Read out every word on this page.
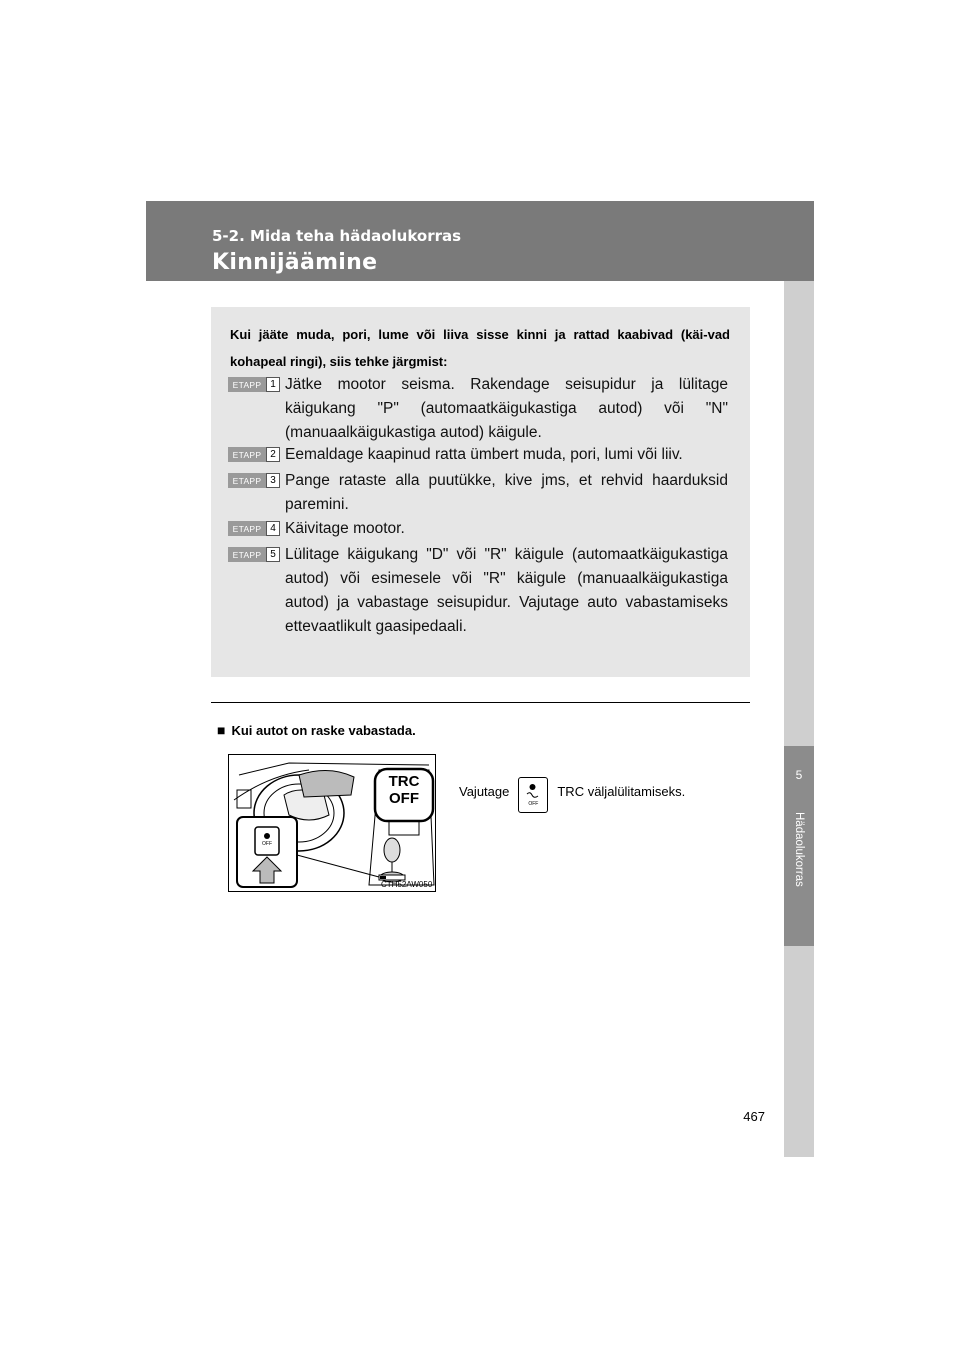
5-2. Mida teha hädaolukorras
Kinnijäämine
5
Hädaolukorras
Kui jääte muda, pori, lume või liiva sisse kinni ja rattad kaabivad (käi-vad kohapeal ringi), siis tehke järgmist:
ETAPP 1 Jätke mootor seisma. Rakendage seisupidur ja lülitage käigukang "P" (automaatkäigukastiga autod) või "N" (manuaalkäigukastiga autod) käigule.
ETAPP 2 Eemaldage kaapinud ratta ümbert muda, pori, lumi või liiv.
ETAPP 3 Pange rataste alla puutükke, kive jms, et rehvid haarduksid paremini.
ETAPP 4 Käivitage mootor.
ETAPP 5 Lülitage käigukang "D" või "R" käigule (automaatkäigukastiga autod) või esimesele või "R" käigule (manuaalkäigukastiga autod) ja vabastage seisupidur. Vajutage auto vabastamiseks ettevaatlikult gaasipedaali.
■ Kui autot on raske vabastada.
TRC
OFF
OFF
CTH52AW050
Vajutage
OFF
TRC väljalülitamiseks.
467
